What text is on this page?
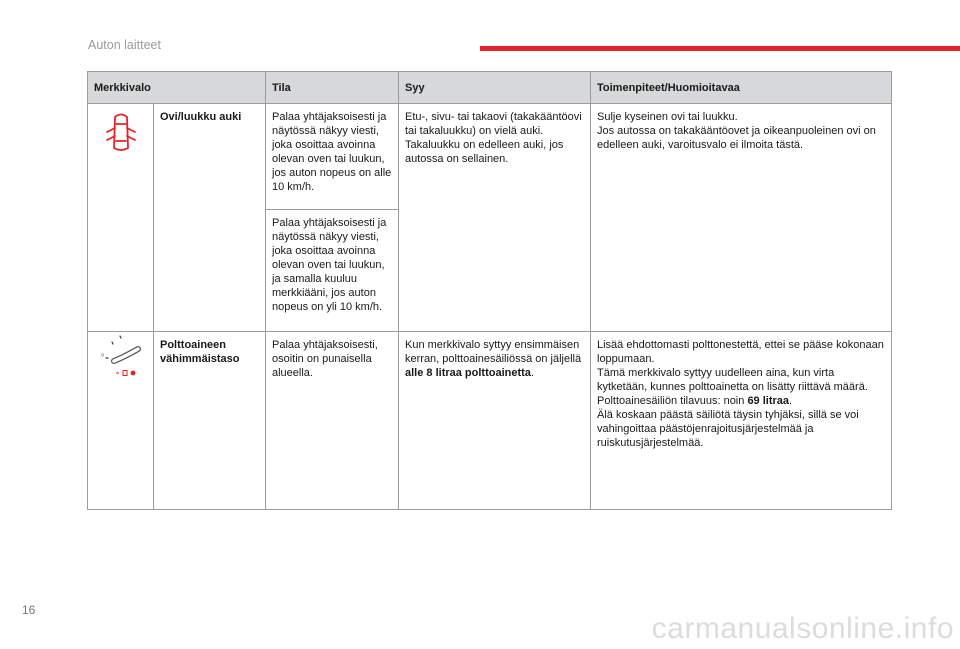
Auton laitteet
Merkkivalo		Tila	Syy	Toimenpiteet/Huomioitavaa

	Ovi/luukku auki	Palaa yhtäjaksoisesti ja näytössä näkyy viesti, joka osoittaa avoinna olevan oven tai luukun, jos auton nopeus on alle 10 km/h.	Etu-, sivu- tai takaovi (takakääntöovi tai takaluukku) on vielä auki.
Takaluukku on edelleen auki, jos autossa on sellainen.	Sulje kyseinen ovi tai luukku.
Jos autossa on takakääntöovet ja oikeanpuoleinen ovi on edelleen auki, varoitusvalo ei ilmoita tästä.

		Palaa yhtäjaksoisesti ja näytössä näkyy viesti, joka osoittaa avoinna olevan oven tai luukun, ja samalla kuuluu merkkiääni, jos auton nopeus on yli 10 km/h.		

Q	Polttoaineen vähimmäistaso	Palaa yhtäjaksoisesti, osoitin on punaisella alueella.	Kun merkkivalo syttyy ensimmäisen kerran, polttoainesäiliössä on jäljellä alle 8 litraa polttoainetta.	Lisää ehdottomasti polttonestettä, ettei se pääse kokonaan loppumaan.
Tämä merkkivalo syttyy uudelleen aina, kun virta kytketään, kunnes polttoainetta on lisätty riittävä määrä.
Polttoainesäiliön tilavuus: noin 69 litraa.
Älä koskaan päästä säiliötä täysin tyhjäksi, sillä se voi vahingoittaa päästöjenrajoitusjärjestelmää ja ruiskutusjärjestelmää.
16
carmanualsonline.info
